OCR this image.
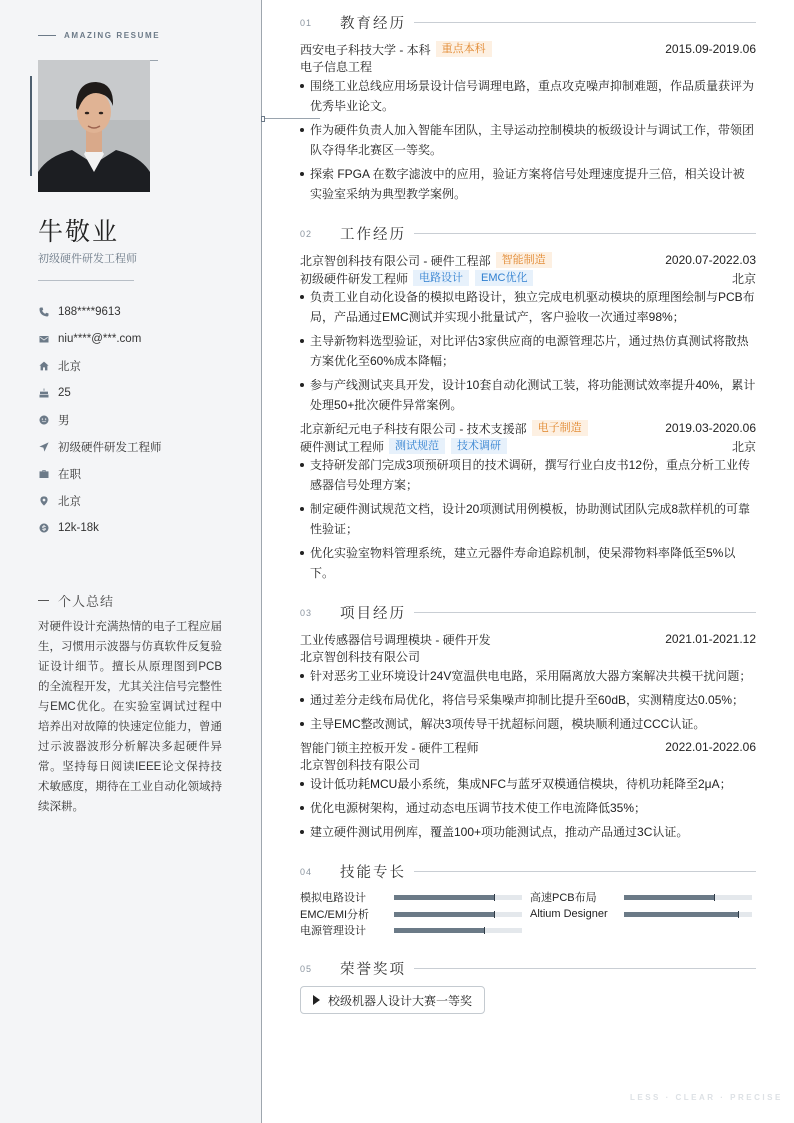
AMAZING RESUME
牛敬业
初级硬件研发工程师
188****9613
niu****@***.com
北京
25
男
初级硬件研发工程师
在职
北京
12k-18k
个人总结

对硬件设计充满热情的电子工程应届生，习惯用示波器与仿真软件反复验证设计细节。擅长从原理图到PCB的全流程开发，尤其关注信号完整性与EMC优化。在实验室调试过程中培养出对故障的快速定位能力，曾通过示波器波形分析解决多起硬件异常。坚持每日阅读IEEE论文保持技术敏感度，期待在工业自动化领域持续深耕。

01	教育经历
西安电子科技大学 - 本科	重点本科	2015.09-2019.06
电子信息工程
围绕工业总线应用场景设计信号调理电路，重点攻克噪声抑制难题，作品质量获评为优秀毕业论文。
作为硬件负责人加入智能车团队，主导运动控制模块的板级设计与调试工作，带领团队夺得华北赛区一等奖。
探索 FPGA 在数字滤波中的应用，验证方案将信号处理速度提升三倍，相关设计被实验室采纳为典型教学案例。
02	工作经历
北京智创科技有限公司 - 硬件工程部	智能制造	2020.07-2022.03
初级硬件研发工程师	电路设计	EMC优化	北京
负责工业自动化设备的模拟电路设计，独立完成电机驱动模块的原理图绘制与PCB布局，产品通过EMC测试并实现小批量试产，客户验收一次通过率98%；
主导新物料选型验证，对比评估3家供应商的电源管理芯片，通过热仿真测试将散热方案优化至60%成本降幅；
参与产线测试夹具开发，设计10套自动化测试工装，将功能测试效率提升40%，累计处理50+批次硬件异常案例。
北京新纪元电子科技有限公司 - 技术支援部	电子制造	2019.03-2020.06
硬件测试工程师	测试规范	技术调研	北京
支持研发部门完成3项预研项目的技术调研，撰写行业白皮书12份，重点分析工业传感器信号处理方案；
制定硬件测试规范文档，设计20项测试用例模板，协助测试团队完成8款样机的可靠性验证；
优化实验室物料管理系统，建立元器件寿命追踪机制，使呆滞物料率降低至5%以下。
03	项目经历
工业传感器信号调理模块 - 硬件开发	2021.01-2021.12
北京智创科技有限公司
针对恶劣工业环境设计24V宽温供电电路，采用隔离放大器方案解决共模干扰问题；
通过差分走线布局优化，将信号采集噪声抑制比提升至60dB，实测精度达0.05%；
主导EMC整改测试，解决3项传导干扰超标问题，模块顺利通过CCC认证。
智能门锁主控板开发 - 硬件工程师	2022.01-2022.06
北京智创科技有限公司
设计低功耗MCU最小系统，集成NFC与蓝牙双模通信模块，待机功耗降至2μA；
优化电源树架构，通过动态电压调节技术使工作电流降低35%；
建立硬件测试用例库，覆盖100+项功能测试点，推动产品通过3C认证。
04	技能专长
模拟电路设计	高速PCB布局
EMC/EMI分析	Altium Designer
电源管理设计
05	荣誉奖项
校级机器人设计大赛一等奖
LESS · CLEAR · PRECISE
